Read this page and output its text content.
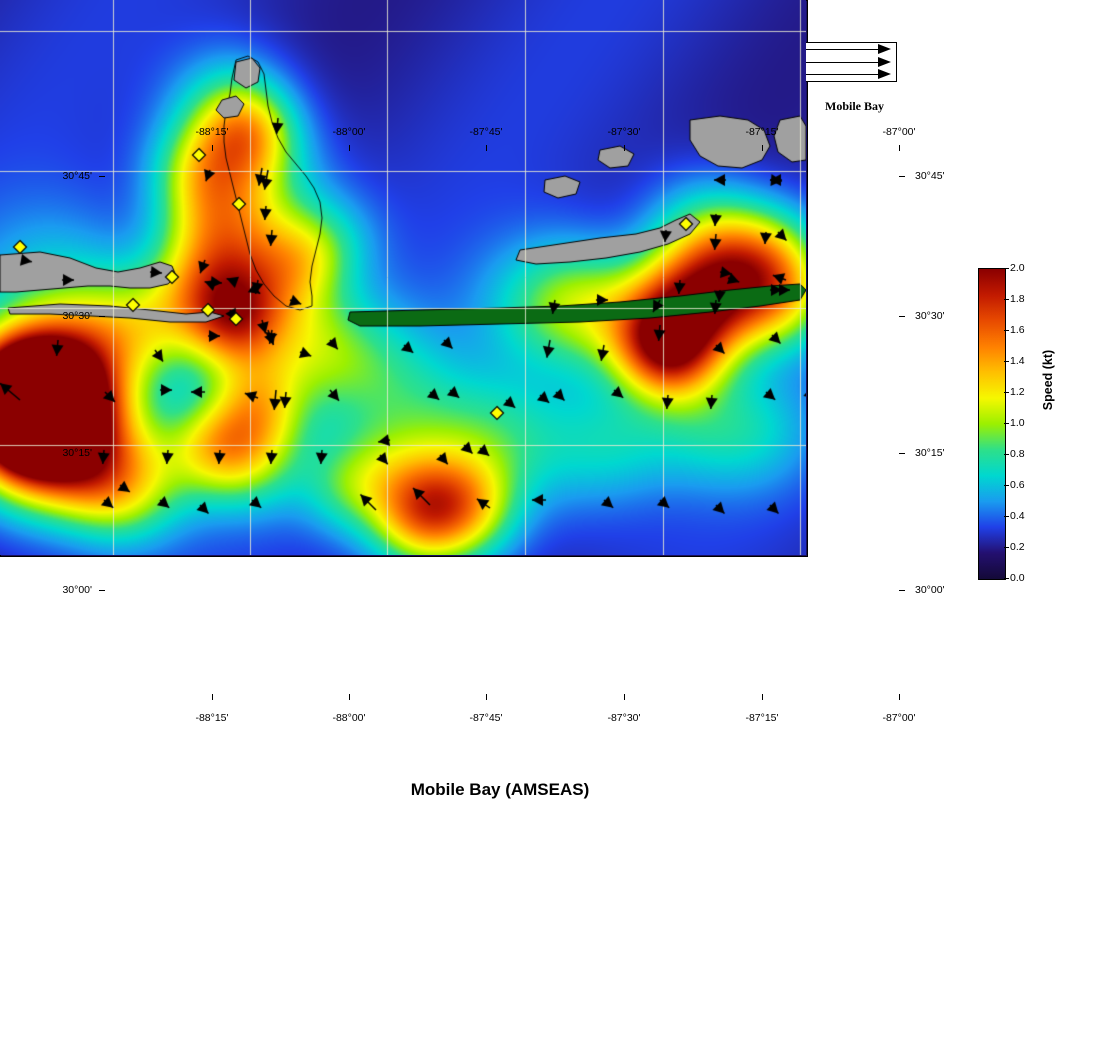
Mobile Bay
Mobile Bay (AMSEAS)
-88°15'
-88°15'
-88°00'
-88°00'
-87°45'
-87°45'
-87°30'
-87°30'
-87°15'
-87°15'
-87°00'
-87°00'
30°45'	30°45'
30°30'	30°30'
30°15'	30°15'
30°00'	30°00'
2.0
1.8
1.6
1.4
1.2
1.0
0.8
0.6
0.4
0.2
0.0
Speed (kt)
